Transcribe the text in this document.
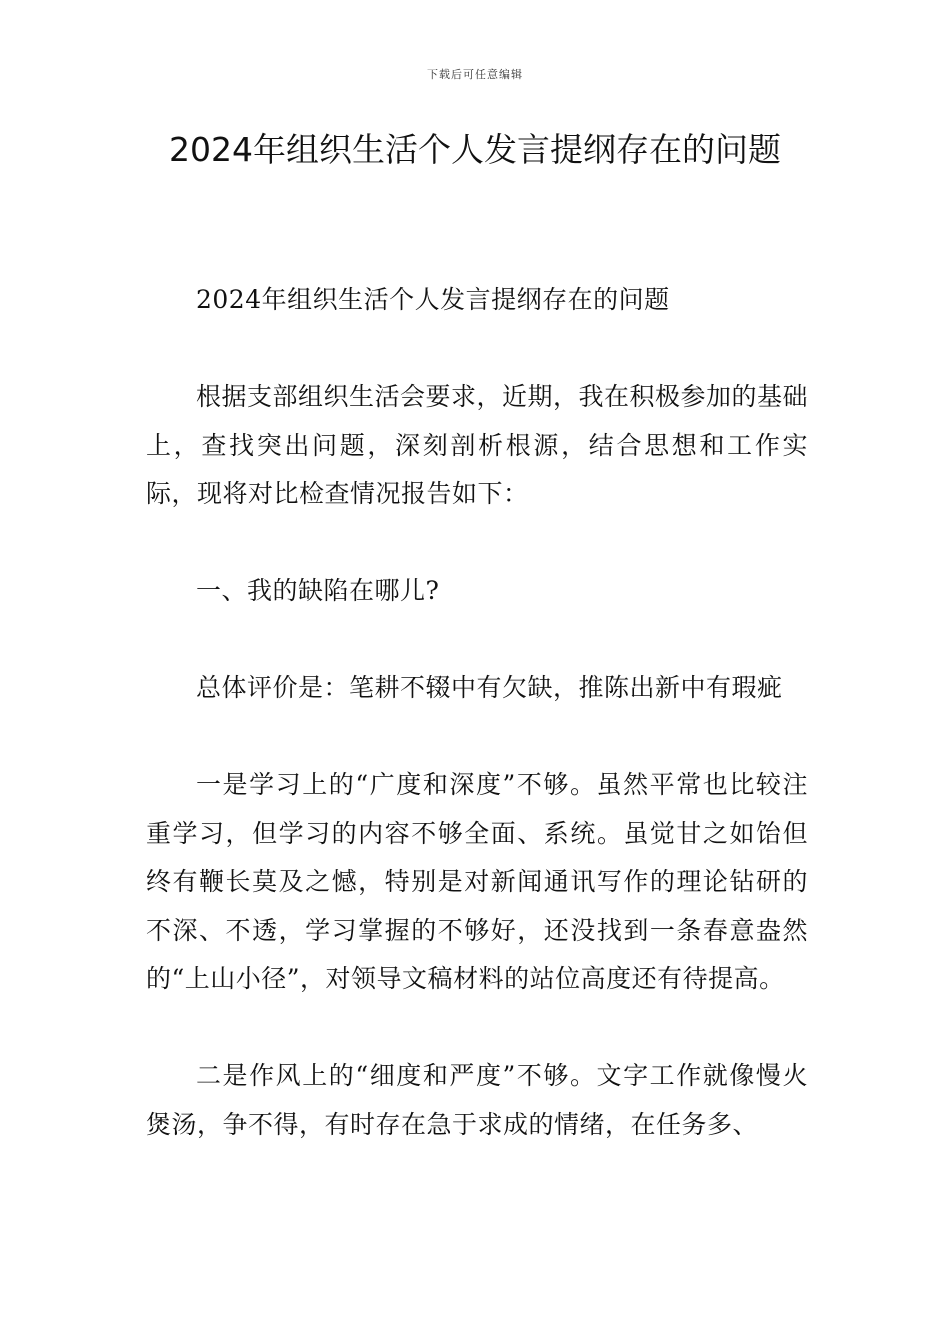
下载后可任意编辑
2024年组织生活个人发言提纲存在的问题

2024年组织生活个人发言提纲存在的问题

根据支部组织生活会要求，近期，我在积极参加的基础上，查找突出问题，深刻剖析根源，结合思想和工作实际，现将对比检查情况报告如下：

一、我的缺陷在哪儿?

总体评价是：笔耕不辍中有欠缺，推陈出新中有瑕疵

一是学习上的“广度和深度”不够。虽然平常也比较注重学习，但学习的内容不够全面、系统。虽觉甘之如饴但终有鞭长莫及之憾，特别是对新闻通讯写作的理论钻研的不深、不透，学习掌握的不够好，还没找到一条春意盎然的“上山小径”，对领导文稿材料的站位高度还有待提高。

二是作风上的“细度和严度”不够。文字工作就像慢火煲汤，争不得，有时存在急于求成的情绪，在任务多、
